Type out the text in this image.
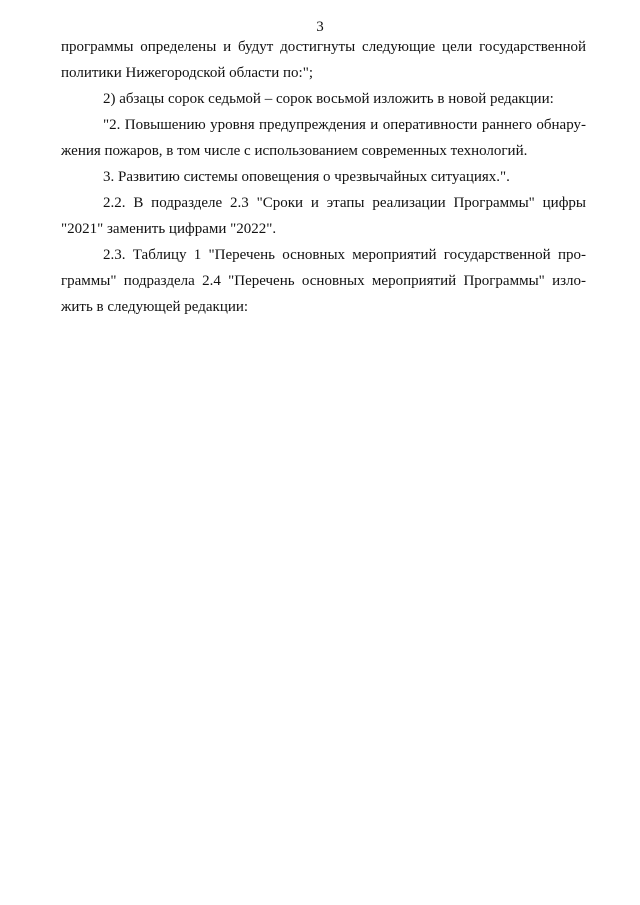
3
программы определены и будут достигнуты следующие цели государственной
политики Нижегородской области по:";
2) абзацы сорок седьмой – сорок восьмой изложить в новой редакции:
"2. Повышению уровня предупреждения и оперативности раннего обнару-
жения пожаров, в том числе с использованием современных технологий.
3. Развитию системы оповещения о чрезвычайных ситуациях.".
2.2. В подразделе 2.3 "Сроки и этапы реализации Программы" цифры
"2021" заменить цифрами "2022".
2.3. Таблицу 1 "Перечень основных мероприятий государственной про-
граммы" подраздела 2.4 "Перечень основных мероприятий Программы" изло-
жить в следующей редакции:
